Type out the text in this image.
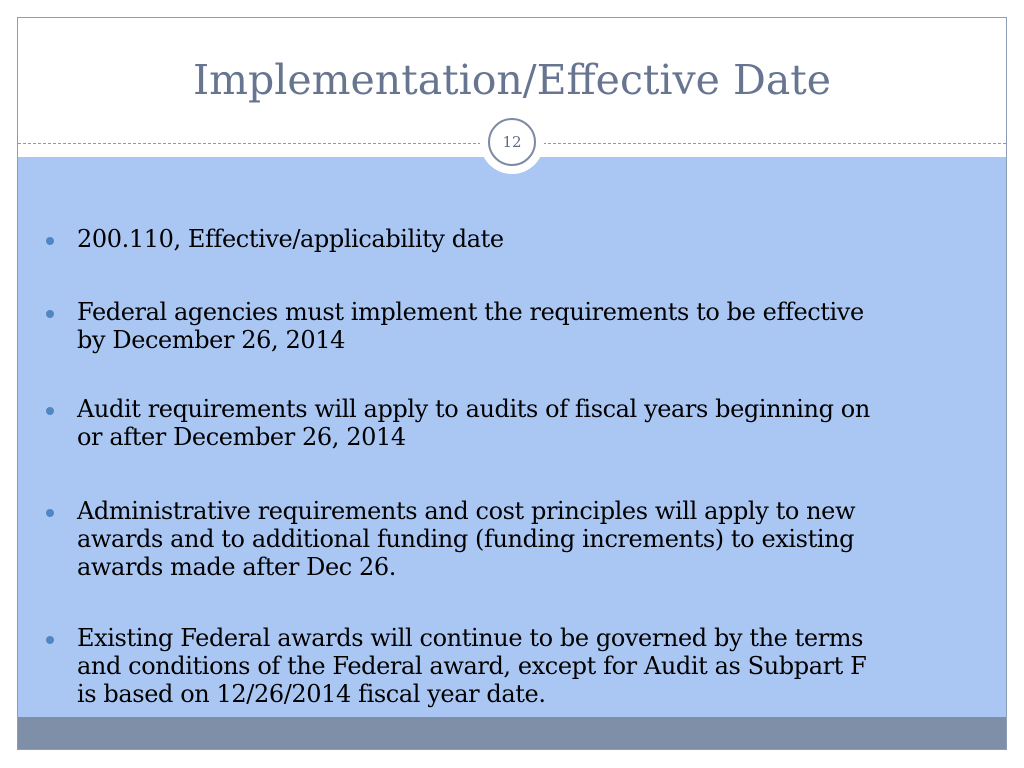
Implementation/Effective Date
200.110, Effective/applicability date
Federal agencies must implement the requirements to be effective
by December 26, 2014
Audit requirements will apply to audits of fiscal years beginning on
or after December 26, 2014
Administrative requirements and cost principles will apply to new
awards and to additional funding (funding increments) to existing
awards made after Dec 26.
Existing Federal awards will continue to be governed by the terms
and conditions of the Federal award, except for Audit as Subpart F
is based on 12/26/2014 fiscal year date.
12
